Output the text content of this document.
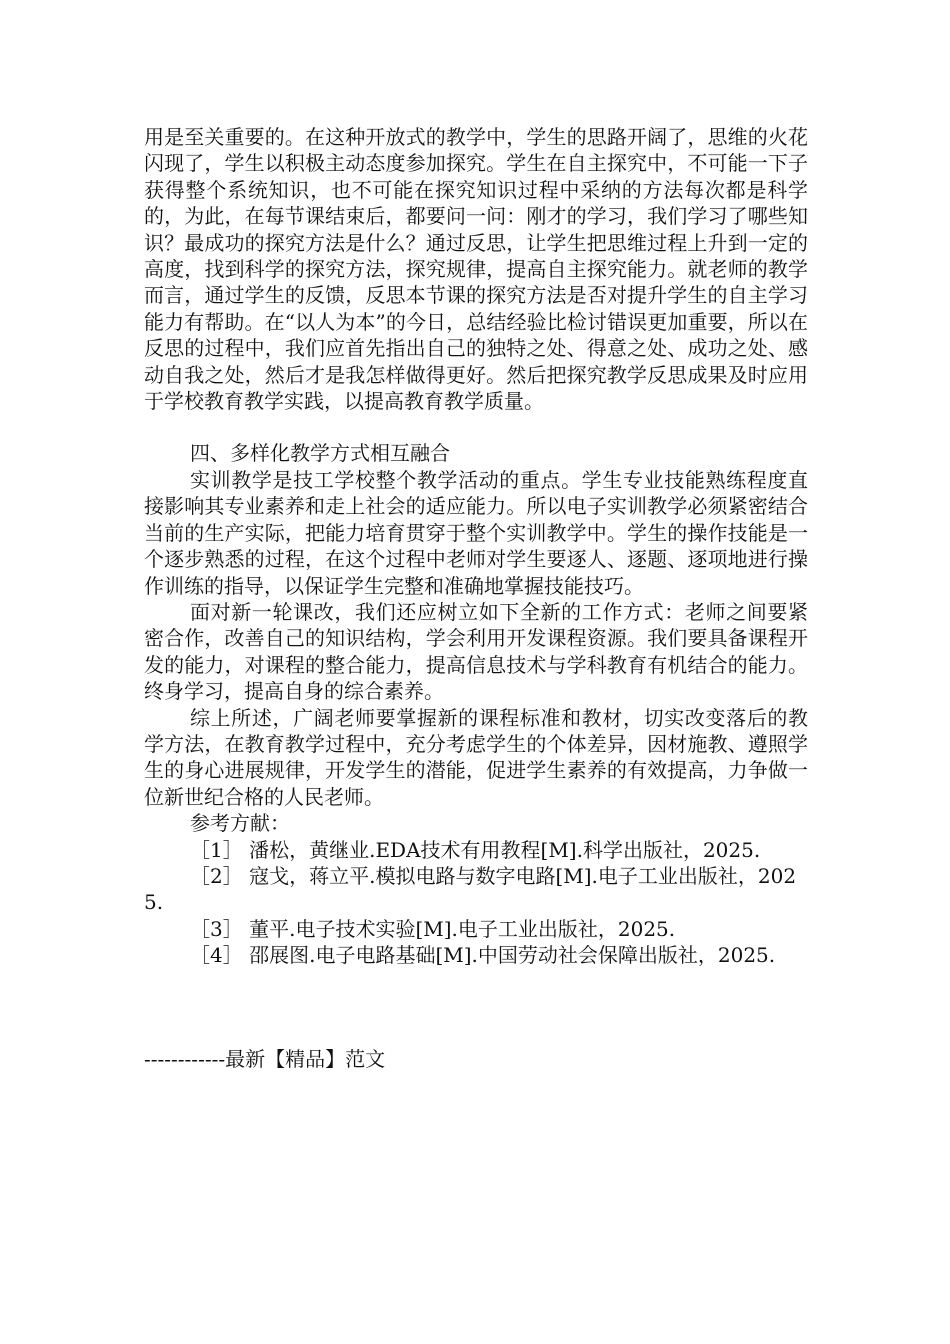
用是至关重要的。在这种开放式的教学中，学生的思路开阔了，思维的火花闪现了，学生以积极主动态度参加探究。学生在自主探究中，不可能一下子获得整个系统知识，也不可能在探究知识过程中采纳的方法每次都是科学的，为此，在每节课结束后，都要问一问：刚才的学习，我们学习了哪些知识？最成功的探究方法是什么？通过反思，让学生把思维过程上升到一定的高度，找到科学的探究方法，探究规律，提高自主探究能力。就老师的教学而言，通过学生的反馈，反思本节课的探究方法是否对提升学生的自主学习能力有帮助。在“以人为本”的今日，总结经验比检讨错误更加重要，所以在反思的过程中，我们应首先指出自己的独特之处、得意之处、成功之处、感动自我之处，然后才是我怎样做得更好。然后把探究教学反思成果及时应用于学校教育教学实践，以提高教育教学质量。

四、多样化教学方式相互融合

实训教学是技工学校整个教学活动的重点。学生专业技能熟练程度直接影响其专业素养和走上社会的适应能力。所以电子实训教学必须紧密结合当前的生产实际，把能力培育贯穿于整个实训教学中。学生的操作技能是一个逐步熟悉的过程，在这个过程中老师对学生要逐人、逐题、逐项地进行操作训练的指导，以保证学生完整和准确地掌握技能技巧。

面对新一轮课改，我们还应树立如下全新的工作方式：老师之间要紧密合作，改善自己的知识结构，学会利用开发课程资源。我们要具备课程开发的能力，对课程的整合能力，提高信息技术与学科教育有机结合的能力。终身学习，提高自身的综合素养。

综上所述，广阔老师要掌握新的课程标准和教材，切实改变落后的教学方法，在教育教学过程中，充分考虑学生的个体差异，因材施教、遵照学生的身心进展规律，开发学生的潜能，促进学生素养的有效提高，力争做一位新世纪合格的人民老师。

参考方献：

［1］ 潘松，黄继业.EDA技术有用教程[M].科学出版社，2025.

［2］ 寇戈，蒋立平.模拟电路与数字电路[M].电子工业出版社，2025.

［3］ 董平.电子技术实验[M].电子工业出版社，2025.

［4］ 邵展图.电子电路基础[M].中国劳动社会保障出版社，2025.

------------最新【精品】范文
